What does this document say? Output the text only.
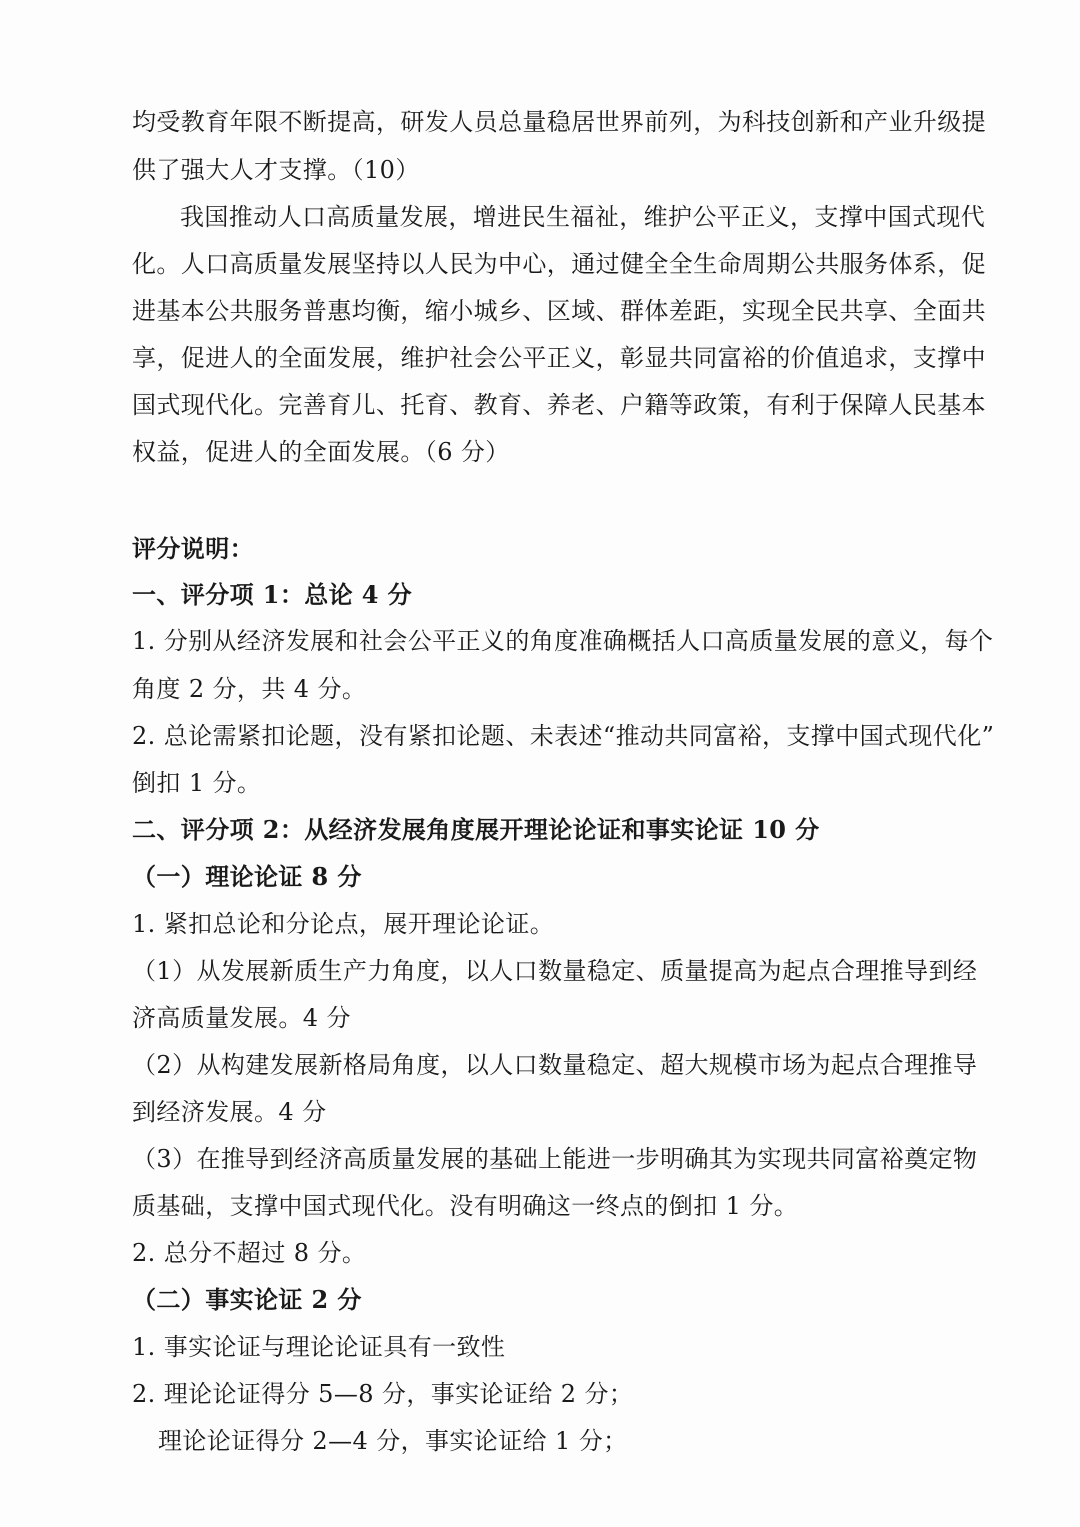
均受教育年限不断提高，研发人员总量稳居世界前列，为科技创新和产业升级提
供了强大人才支撑。（10）
我国推动人口高质量发展，增进民生福祉，维护公平正义，支撑中国式现代
化。人口高质量发展坚持以人民为中心，通过健全全生命周期公共服务体系，促
进基本公共服务普惠均衡，缩小城乡、区域、群体差距，实现全民共享、全面共
享，促进人的全面发展，维护社会公平正义，彰显共同富裕的价值追求，支撑中
国式现代化。完善育儿、托育、教育、养老、户籍等政策，有利于保障人民基本
权益，促进人的全面发展。（6 分）
评分说明：
一、评分项 1：总论 4 分
1. 分别从经济发展和社会公平正义的角度准确概括人口高质量发展的意义，每个
角度 2 分，共 4 分。
2. 总论需紧扣论题，没有紧扣论题、未表述“推动共同富裕，支撑中国式现代化”
倒扣 1 分。
二、评分项 2：从经济发展角度展开理论论证和事实论证 10 分
（一）理论论证 8 分
1. 紧扣总论和分论点，展开理论论证。
（1）从发展新质生产力角度，以人口数量稳定、质量提高为起点合理推导到经
济高质量发展。4 分
（2）从构建发展新格局角度，以人口数量稳定、超大规模市场为起点合理推导
到经济发展。4 分
（3）在推导到经济高质量发展的基础上能进一步明确其为实现共同富裕奠定物
质基础，支撑中国式现代化。没有明确这一终点的倒扣 1 分。
2. 总分不超过 8 分。
（二）事实论证 2 分
1. 事实论证与理论论证具有一致性
2. 理论论证得分 5—8 分，事实论证给 2 分；
理论论证得分 2—4 分，事实论证给 1 分；
